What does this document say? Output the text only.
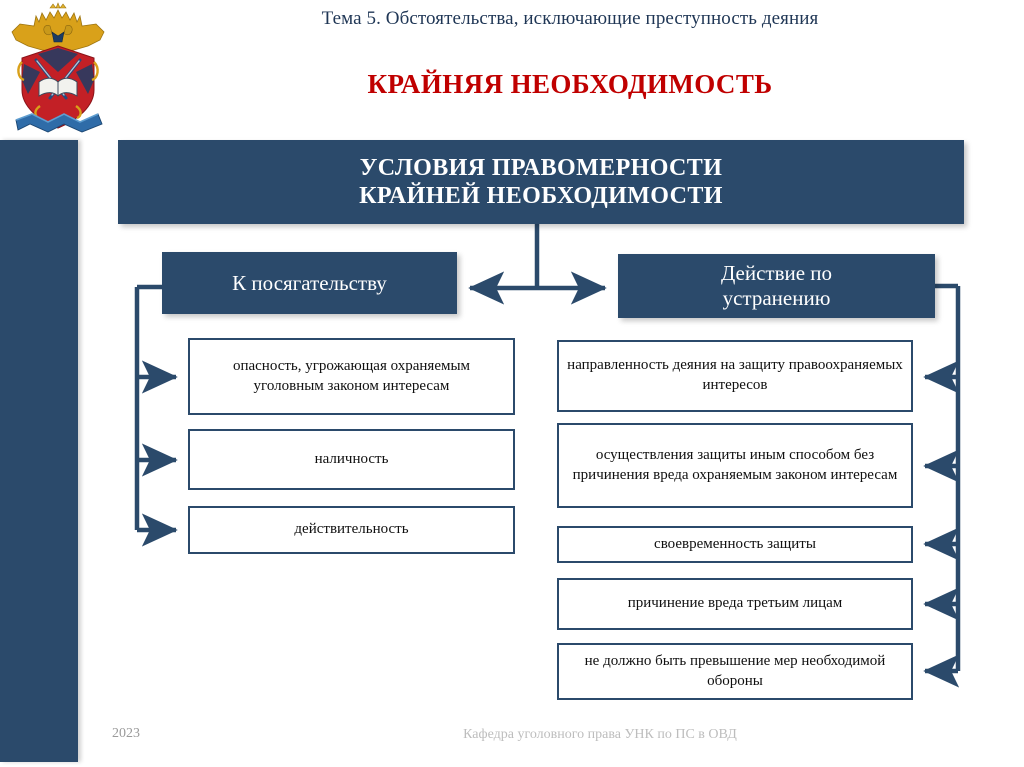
Тема 5. Обстоятельства, исключающие преступность деяния
КРАЙНЯЯ НЕОБХОДИМОСТЬ
УСЛОВИЯ ПРАВОМЕРНОСТИ
КРАЙНЕЙ НЕОБХОДИМОСТИ
К посягательству	Действие по
устранению
опасность, угрожающая охраняемым уголовным законом интересам
наличность
действительность
направленность деяния на защиту правоохраняемых интересов
осуществления защиты иным способом без причинения вреда охраняемым законом интересам
своевременность защиты
причинение вреда третьим лицам
не должно быть превышение мер необходимой обороны
2023	Кафедра уголовного права УНК по ПС в ОВД
